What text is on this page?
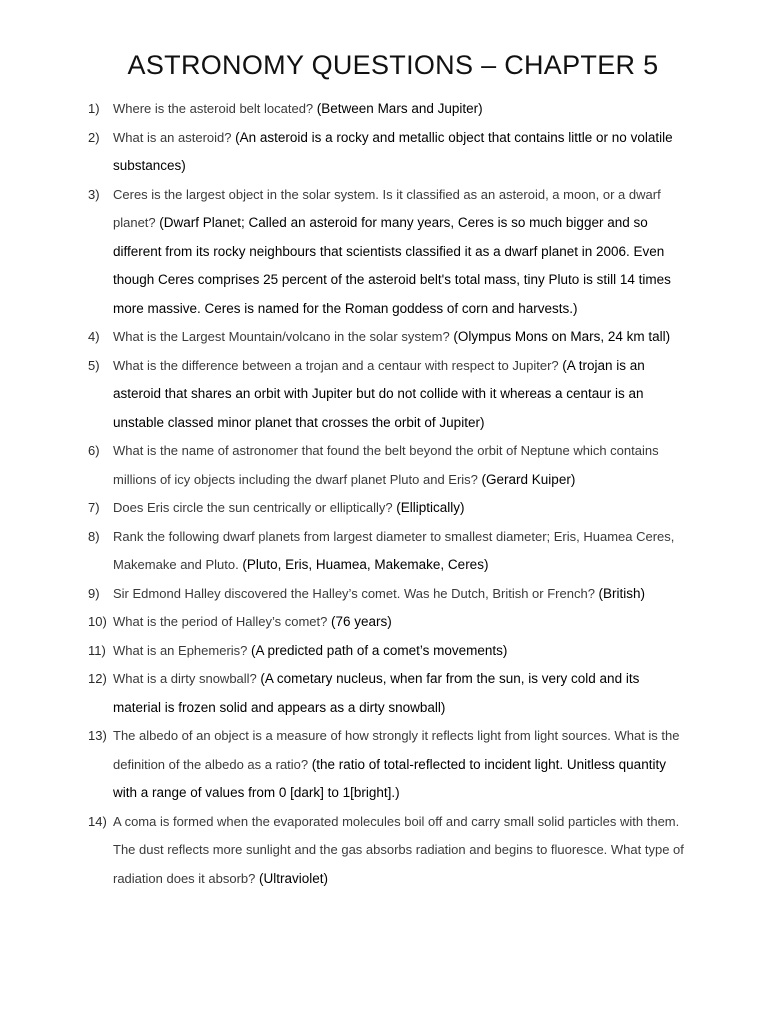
ASTRONOMY QUESTIONS – CHAPTER 5
1)	Where is the asteroid belt located? (Between Mars and Jupiter)
2)	What is an asteroid? (An asteroid is a rocky and metallic object that contains little or no volatile substances)
3)	Ceres is the largest object in the solar system. Is it classified as an asteroid, a moon, or a dwarf planet? (Dwarf Planet; Called an asteroid for many years, Ceres is so much bigger and so different from its rocky neighbours that scientists classified it as a dwarf planet in 2006. Even though Ceres comprises 25 percent of the asteroid belt's total mass, tiny Pluto is still 14 times more massive. Ceres is named for the Roman goddess of corn and harvests.)
4)	What is the Largest Mountain/volcano in the solar system? (Olympus Mons on Mars, 24 km tall)
5)	What is the difference between a trojan and a centaur with respect to Jupiter? (A trojan is an asteroid that shares an orbit with Jupiter but do not collide with it whereas a centaur is an unstable classed minor planet that crosses the orbit of Jupiter)
6)	What is the name of astronomer that found the belt beyond the orbit of Neptune which contains millions of icy objects including the dwarf planet Pluto and Eris? (Gerard Kuiper)
7)	Does Eris circle the sun centrically or elliptically? (Elliptically)
8)	Rank the following dwarf planets from largest diameter to smallest diameter; Eris, Huamea Ceres, Makemake and Pluto. (Pluto, Eris, Huamea, Makemake, Ceres)
9)	Sir Edmond Halley discovered the Halley’s comet. Was he Dutch, British or French? (British)
10) What is the period of Halley’s comet? (76 years)
11) What is an Ephemeris? (A predicted path of a comet’s movements)
12) What is a dirty snowball? (A cometary nucleus, when far from the sun, is very cold and its material is frozen solid and appears as a dirty snowball)
13) The albedo of an object is a measure of how strongly it reflects light from light sources. What is the definition of the albedo as a ratio? (the ratio of total-reflected to incident light. Unitless quantity with a range of values from 0 [dark] to 1[bright].)
14) A coma is formed when the evaporated molecules boil off and carry small solid particles with them. The dust reflects more sunlight and the gas absorbs radiation and begins to fluoresce. What type of radiation does it absorb? (Ultraviolet)
